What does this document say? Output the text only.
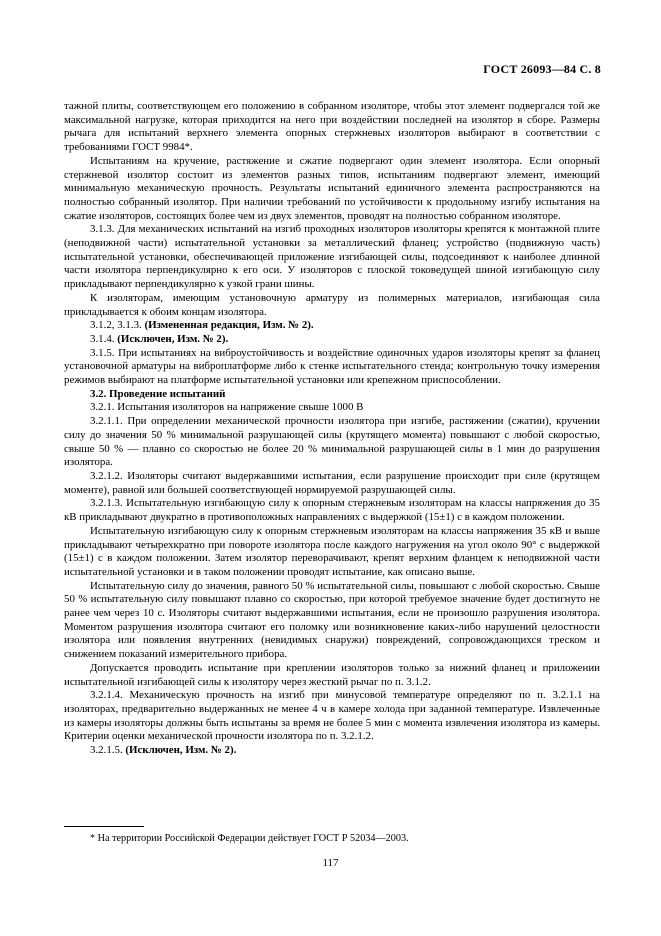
ГОСТ 26093—84 С. 8

тажной плиты, соответствующем его положению в собранном изоляторе, чтобы этот элемент подвергался той же максимальной нагрузке, которая приходится на него при воздействии последней на изолятор в сборе. Размеры рычага для испытаний верхнего элемента опорных стержневых изоляторов выбирают в соответствии с требованиями ГОСТ 9984*.

Испытаниям на кручение, растяжение и сжатие подвергают один элемент изолятора. Если опорный стержневой изолятор состоит из элементов разных типов, испытаниям подвергают элемент, имеющий минимальную механическую прочность. Результаты испытаний единичного элемента распространяются на полностью собранный изолятор. При наличии требований по устойчивости к продольному изгибу испытания на сжатие изоляторов, состоящих более чем из двух элементов, проводят на полностью собранном изоляторе.

3.1.3. Для механических испытаний на изгиб проходных изоляторов изоляторы крепятся к монтажной плите (неподвижной части) испытательной установки за металлический фланец; устройство (подвижную часть) испытательной установки, обеспечивающей приложение изгибающей силы, подсоединяют к наиболее длинной части изолятора перпендикулярно к его оси. У изоляторов с плоской токоведущей шиной изгибающую силу прикладывают перпендикулярно к узкой грани шины.

К изоляторам, имеющим установочную арматуру из полимерных материалов, изгибающая сила прикладывается к обоим концам изолятора.

3.1.2, 3.1.3. (Измененная редакция, Изм. № 2).

3.1.4. (Исключен, Изм. № 2).

3.1.5. При испытаниях на виброустойчивость и воздействие одиночных ударов изоляторы крепят за фланец установочной арматуры на виброплатформе либо к стенке испытательного стенда; контрольную точку измерения режимов выбирают на платформе испытательной установки или крепежном приспособлении.

3.2. Проведение испытаний

3.2.1. Испытания изоляторов на напряжение свыше 1000 В

3.2.1.1. При определении механической прочности изолятора при изгибе, растяжении (сжатии), кручении силу до значения 50 % минимальной разрушающей силы (крутящего момента) повышают с любой скоростью, свыше 50 % — плавно со скоростью не более 20 % минимальной разрушающей силы в 1 мин до разрушения изолятора.

3.2.1.2. Изоляторы считают выдержавшими испытания, если разрушение происходит при силе (крутящем моменте), равной или большей соответствующей нормируемой разрушающей силы.

3.2.1.3. Испытательную изгибающую силу к опорным стержневым изоляторам на классы напряжения до 35 кВ прикладывают двукратно в противоположных направлениях с выдержкой (15±1) с в каждом положении.

Испытательную изгибающую силу к опорным стержневым изоляторам на классы напряжения 35 кВ и выше прикладывают четырехкратно при повороте изолятора после каждого нагружения на угол около 90° с выдержкой (15±1) с в каждом положении. Затем изолятор переворачивают, крепят верхним фланцем к неподвижной части испытательной установки и в таком положении проводят испытание, как описано выше.

Испытательную силу до значения, равного 50 % испытательной силы, повышают с любой скоростью. Свыше 50 % испытательную силу повышают плавно со скоростью, при которой требуемое значение будет достигнуто не ранее чем через 10 с. Изоляторы считают выдержавшими испытания, если не произошло разрушения изолятора. Моментом разрушения изолятора считают его поломку или возникновение каких-либо нарушений целостности изолятора или появления внутренних (невидимых снаружи) повреждений, сопровождающихся треском и снижением показаний измерительного прибора.

Допускается проводить испытание при креплении изоляторов только за нижний фланец и приложении испытательной изгибающей силы к изолятору через жесткий рычаг по п. 3.1.2.

3.2.1.4. Механическую прочность на изгиб при минусовой температуре определяют по п. 3.2.1.1 на изоляторах, предварительно выдержанных не менее 4 ч в камере холода при заданной температуре. Извлеченные из камеры изоляторы должны быть испытаны за время не более 5 мин с момента извлечения изолятора из камеры. Критерии оценки механической прочности изолятора по п. 3.2.1.2.

3.2.1.5. (Исключен, Изм. № 2).

* На территории Российской Федерации действует ГОСТ Р 52034—2003.
117
